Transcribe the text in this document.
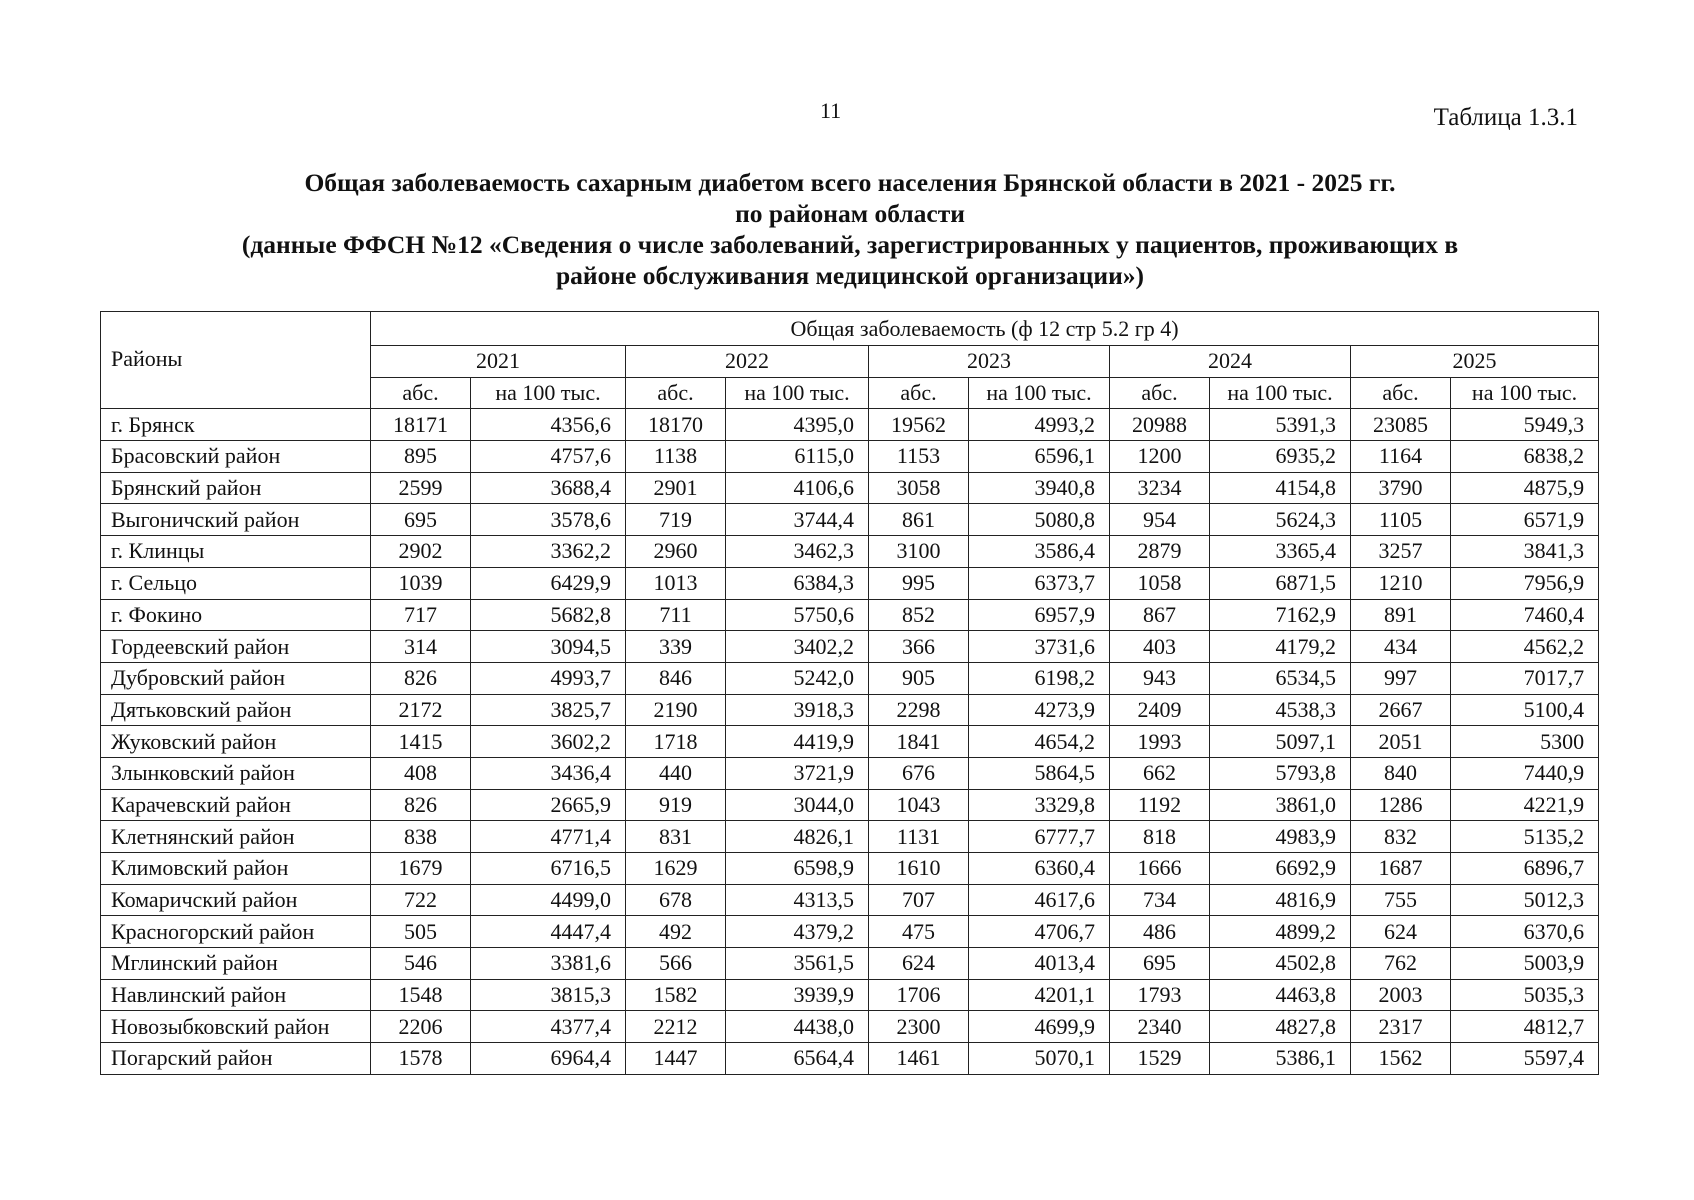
11	Таблица 1.3.1
Общая заболеваемость сахарным диабетом всего населения Брянской области в 2021 - 2025 гг.
по районам области
(данные ФФСН №12 «Сведения о числе заболеваний, зарегистрированных у пациентов, проживающих в
районе обслуживания медицинской организации»)
Районы	Общая заболеваемость (ф 12 стр 5.2 гр 4)									
	2021		2022		2023		2024		2025	
	абс.	на 100 тыс.	абс.	на 100 тыс.	абс.	на 100 тыс.	абс.	на 100 тыс.	абс.	на 100 тыс.
г. Брянск	18171	4356,6	18170	4395,0	19562	4993,2	20988	5391,3	23085	5949,3
Брасовский район	895	4757,6	1138	6115,0	1153	6596,1	1200	6935,2	1164	6838,2
Брянский район	2599	3688,4	2901	4106,6	3058	3940,8	3234	4154,8	3790	4875,9
Выгоничский район	695	3578,6	719	3744,4	861	5080,8	954	5624,3	1105	6571,9
г. Клинцы	2902	3362,2	2960	3462,3	3100	3586,4	2879	3365,4	3257	3841,3
г. Сельцо	1039	6429,9	1013	6384,3	995	6373,7	1058	6871,5	1210	7956,9
г. Фокино	717	5682,8	711	5750,6	852	6957,9	867	7162,9	891	7460,4
Гордеевский район	314	3094,5	339	3402,2	366	3731,6	403	4179,2	434	4562,2
Дубровский район	826	4993,7	846	5242,0	905	6198,2	943	6534,5	997	7017,7
Дятьковский район	2172	3825,7	2190	3918,3	2298	4273,9	2409	4538,3	2667	5100,4
Жуковский район	1415	3602,2	1718	4419,9	1841	4654,2	1993	5097,1	2051	5300
Злынковский район	408	3436,4	440	3721,9	676	5864,5	662	5793,8	840	7440,9
Карачевский район	826	2665,9	919	3044,0	1043	3329,8	1192	3861,0	1286	4221,9
Клетнянский район	838	4771,4	831	4826,1	1131	6777,7	818	4983,9	832	5135,2
Климовский район	1679	6716,5	1629	6598,9	1610	6360,4	1666	6692,9	1687	6896,7
Комаричский район	722	4499,0	678	4313,5	707	4617,6	734	4816,9	755	5012,3
Красногорский район	505	4447,4	492	4379,2	475	4706,7	486	4899,2	624	6370,6
Мглинский район	546	3381,6	566	3561,5	624	4013,4	695	4502,8	762	5003,9
Навлинский район	1548	3815,3	1582	3939,9	1706	4201,1	1793	4463,8	2003	5035,3
Новозыбковский район	2206	4377,4	2212	4438,0	2300	4699,9	2340	4827,8	2317	4812,7
Погарский район	1578	6964,4	1447	6564,4	1461	5070,1	1529	5386,1	1562	5597,4
